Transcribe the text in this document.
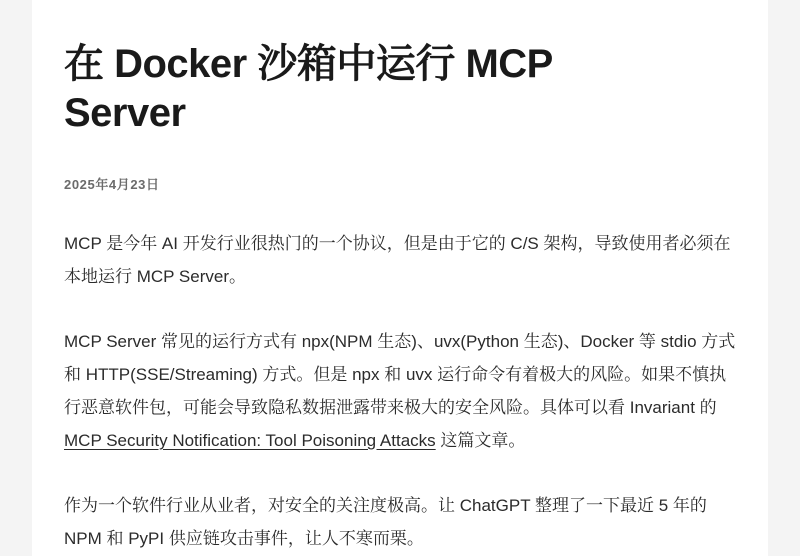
在 Docker 沙箱中运行 MCP Server
2025年4月23日

MCP 是今年 AI 开发行业很热门的一个协议，但是由于它的 C/S 架构，导致使用者必须在本地运行 MCP Server。

MCP Server 常见的运行方式有 npx(NPM 生态)、uvx(Python 生态)、Docker 等 stdio 方式和 HTTP(SSE/Streaming) 方式。但是 npx 和 uvx 运行命令有着极大的风险。如果不慎执行恶意软件包，可能会导致隐私数据泄露带来极大的安全风险。具体可以看 Invariant 的 MCP Security Notification: Tool Poisoning Attacks 这篇文章。

作为一个软件行业从业者，对安全的关注度极高。让 ChatGPT 整理了一下最近 5 年的 NPM 和 PyPI 供应链攻击事件，让人不寒而栗。
